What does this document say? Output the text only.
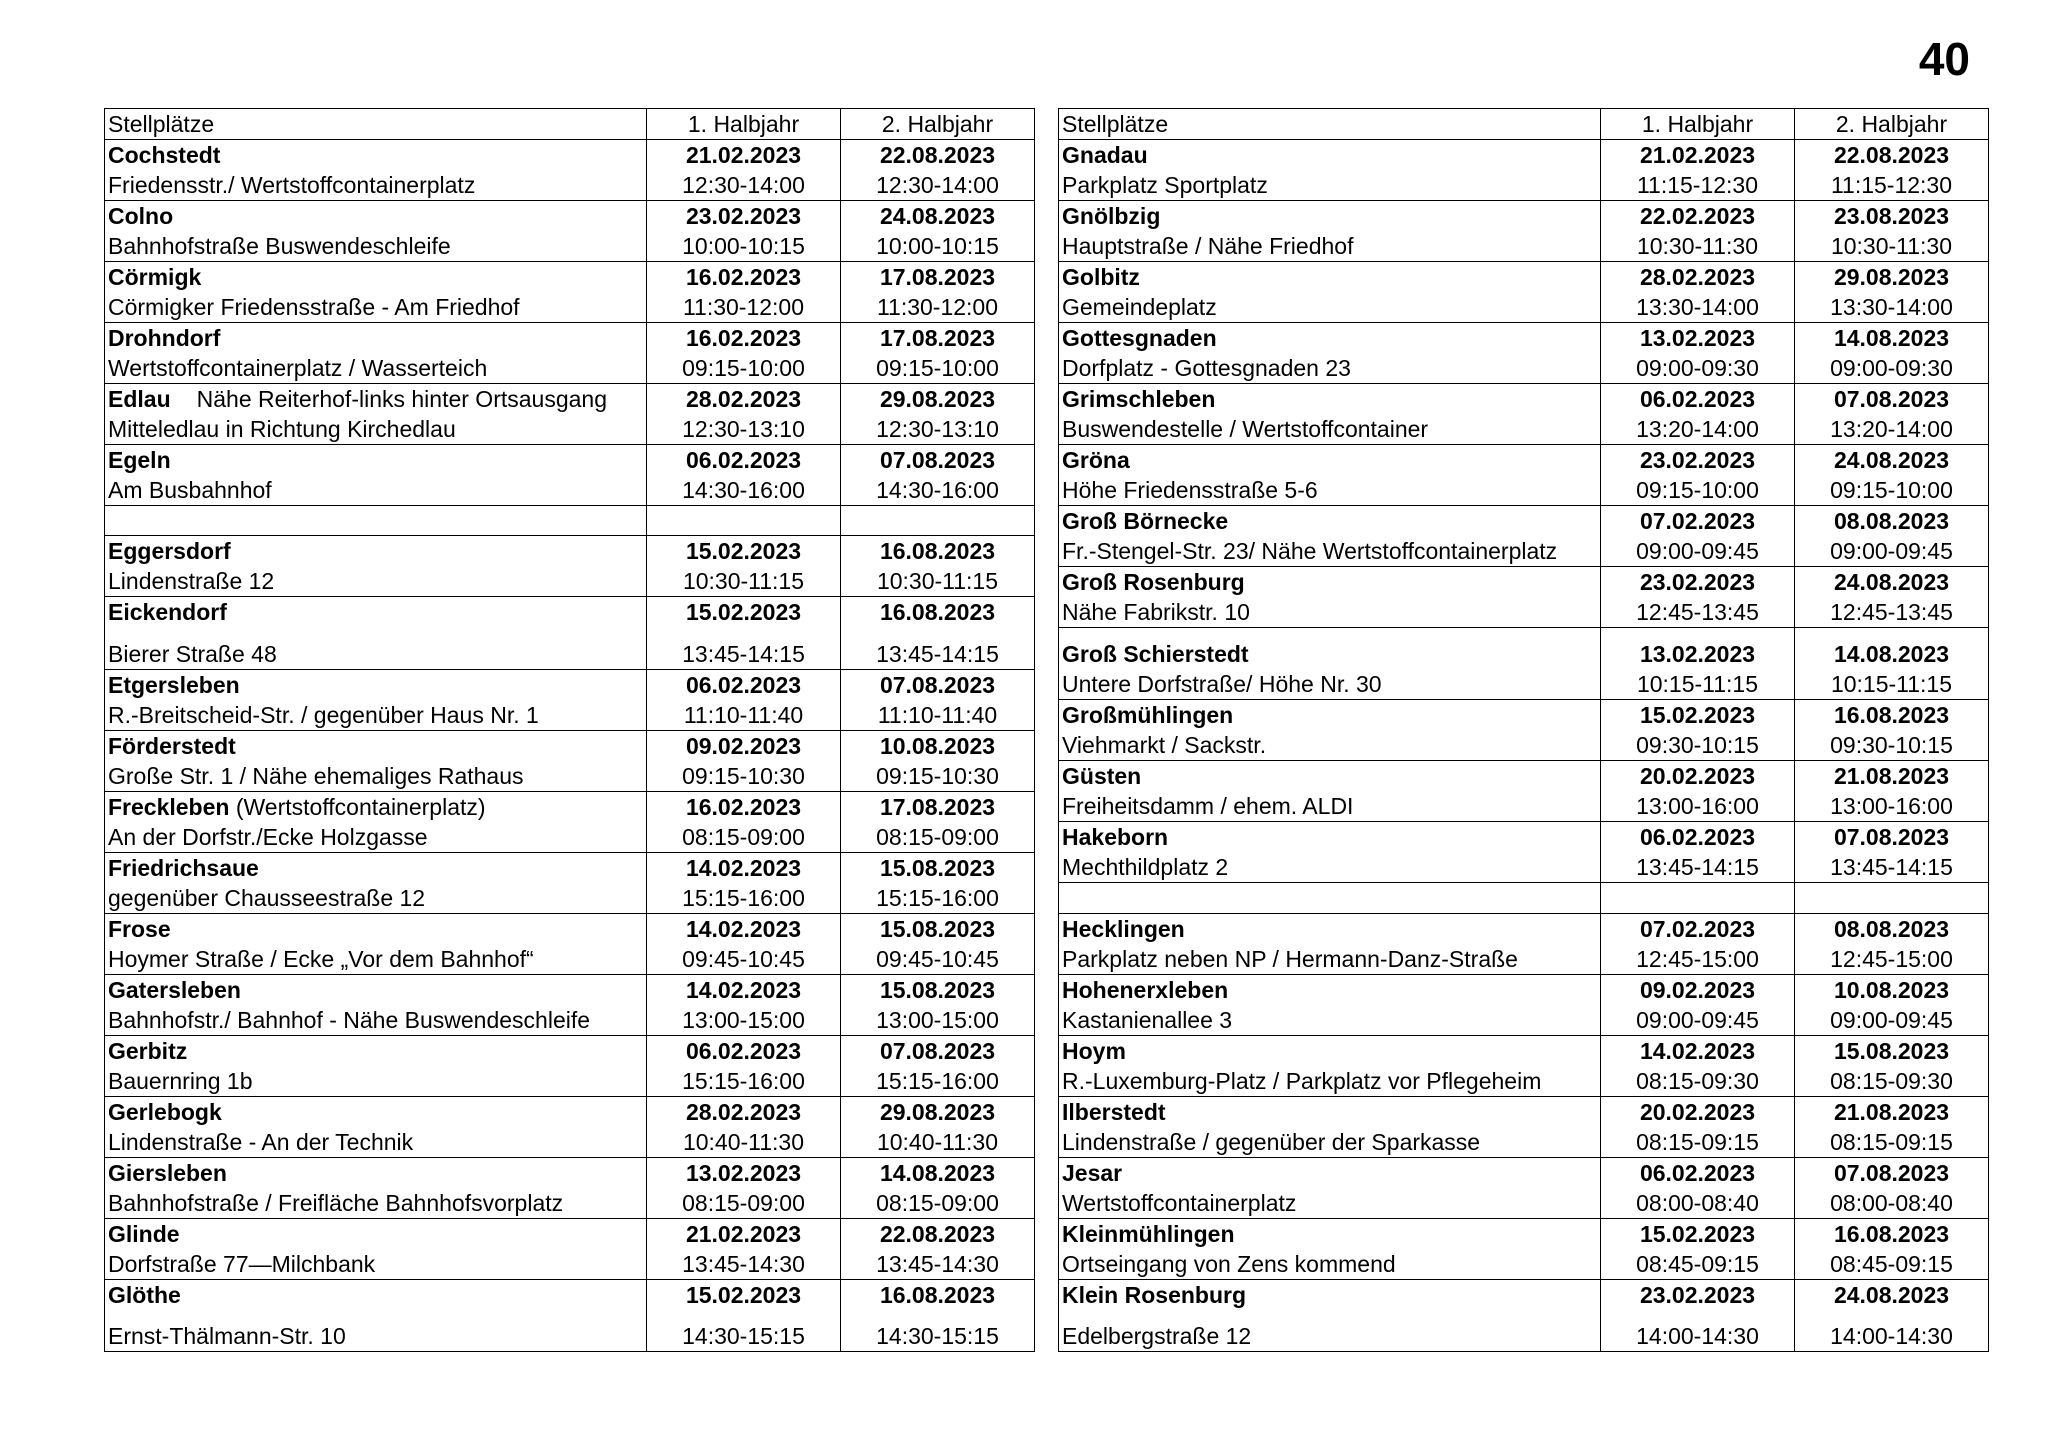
40
Stellplätze	1. Halbjahr	2. Halbjahr
Cochstedt	21.02.2023	22.08.2023
Friedensstr./ Wertstoffcontainerplatz	12:30-14:00	12:30-14:00
Colno	23.02.2023	24.08.2023
Bahnhofstraße Buswendeschleife	10:00-10:15	10:00-10:15
Cörmigk	16.02.2023	17.08.2023
Cörmigker Friedensstraße - Am Friedhof	11:30-12:00	11:30-12:00
Drohndorf	16.02.2023	17.08.2023
Wertstoffcontainerplatz / Wasserteich	09:15-10:00	09:15-10:00
Edlau Nähe Reiterhof-links hinter Ortsausgang	28.02.2023	29.08.2023
Mitteledlau in Richtung Kirchedlau	12:30-13:10	12:30-13:10
Egeln	06.02.2023	07.08.2023
Am Busbahnhof	14:30-16:00	14:30-16:00

Eggersdorf	15.02.2023	16.08.2023
Lindenstraße 12	10:30-11:15	10:30-11:15
Eickendorf	15.02.2023	16.08.2023
Bierer Straße 48	13:45-14:15	13:45-14:15
Etgersleben	06.02.2023	07.08.2023
R.-Breitscheid-Str. / gegenüber Haus Nr. 1	11:10-11:40	11:10-11:40
Förderstedt	09.02.2023	10.08.2023
Große Str. 1 / Nähe ehemaliges Rathaus	09:15-10:30	09:15-10:30
Freckleben (Wertstoffcontainerplatz)	16.02.2023	17.08.2023
An der Dorfstr./Ecke Holzgasse	08:15-09:00	08:15-09:00
Friedrichsaue	14.02.2023	15.08.2023
gegenüber Chausseestraße 12	15:15-16:00	15:15-16:00
Frose	14.02.2023	15.08.2023
Hoymer Straße / Ecke „Vor dem Bahnhof“	09:45-10:45	09:45-10:45
Gatersleben	14.02.2023	15.08.2023
Bahnhofstr./ Bahnhof - Nähe Buswendeschleife	13:00-15:00	13:00-15:00
Gerbitz	06.02.2023	07.08.2023
Bauernring 1b	15:15-16:00	15:15-16:00
Gerlebogk	28.02.2023	29.08.2023
Lindenstraße - An der Technik	10:40-11:30	10:40-11:30
Giersleben	13.02.2023	14.08.2023
Bahnhofstraße / Freifläche Bahnhofsvorplatz	08:15-09:00	08:15-09:00
Glinde	21.02.2023	22.08.2023
Dorfstraße 77—Milchbank	13:45-14:30	13:45-14:30
Glöthe	15.02.2023	16.08.2023
Ernst-Thälmann-Str. 10	14:30-15:15	14:30-15:15
Stellplätze	1. Halbjahr	2. Halbjahr
Gnadau	21.02.2023	22.08.2023
Parkplatz Sportplatz	11:15-12:30	11:15-12:30
Gnölbzig	22.02.2023	23.08.2023
Hauptstraße / Nähe Friedhof	10:30-11:30	10:30-11:30
Golbitz	28.02.2023	29.08.2023
Gemeindeplatz	13:30-14:00	13:30-14:00
Gottesgnaden	13.02.2023	14.08.2023
Dorfplatz - Gottesgnaden 23	09:00-09:30	09:00-09:30
Grimschleben	06.02.2023	07.08.2023
Buswendestelle / Wertstoffcontainer	13:20-14:00	13:20-14:00
Gröna	23.02.2023	24.08.2023
Höhe Friedensstraße 5-6	09:15-10:00	09:15-10:00
Groß Börnecke	07.02.2023	08.08.2023
Fr.-Stengel-Str. 23/ Nähe Wertstoffcontainerplatz	09:00-09:45	09:00-09:45
Groß Rosenburg	23.02.2023	24.08.2023
Nähe Fabrikstr. 10	12:45-13:45	12:45-13:45
Groß Schierstedt	13.02.2023	14.08.2023
Untere Dorfstraße/ Höhe Nr. 30	10:15-11:15	10:15-11:15
Großmühlingen	15.02.2023	16.08.2023
Viehmarkt / Sackstr.	09:30-10:15	09:30-10:15
Güsten	20.02.2023	21.08.2023
Freiheitsdamm / ehem. ALDI	13:00-16:00	13:00-16:00
Hakeborn	06.02.2023	07.08.2023
Mechthildplatz 2	13:45-14:15	13:45-14:15

Hecklingen	07.02.2023	08.08.2023
Parkplatz neben NP / Hermann-Danz-Straße	12:45-15:00	12:45-15:00
Hohenerxleben	09.02.2023	10.08.2023
Kastanienallee 3	09:00-09:45	09:00-09:45
Hoym	14.02.2023	15.08.2023
R.-Luxemburg-Platz / Parkplatz vor Pflegeheim	08:15-09:30	08:15-09:30
Ilberstedt	20.02.2023	21.08.2023
Lindenstraße / gegenüber der Sparkasse	08:15-09:15	08:15-09:15
Jesar	06.02.2023	07.08.2023
Wertstoffcontainerplatz	08:00-08:40	08:00-08:40
Kleinmühlingen	15.02.2023	16.08.2023
Ortseingang von Zens kommend	08:45-09:15	08:45-09:15
Klein Rosenburg	23.02.2023	24.08.2023
Edelbergstraße 12	14:00-14:30	14:00-14:30
